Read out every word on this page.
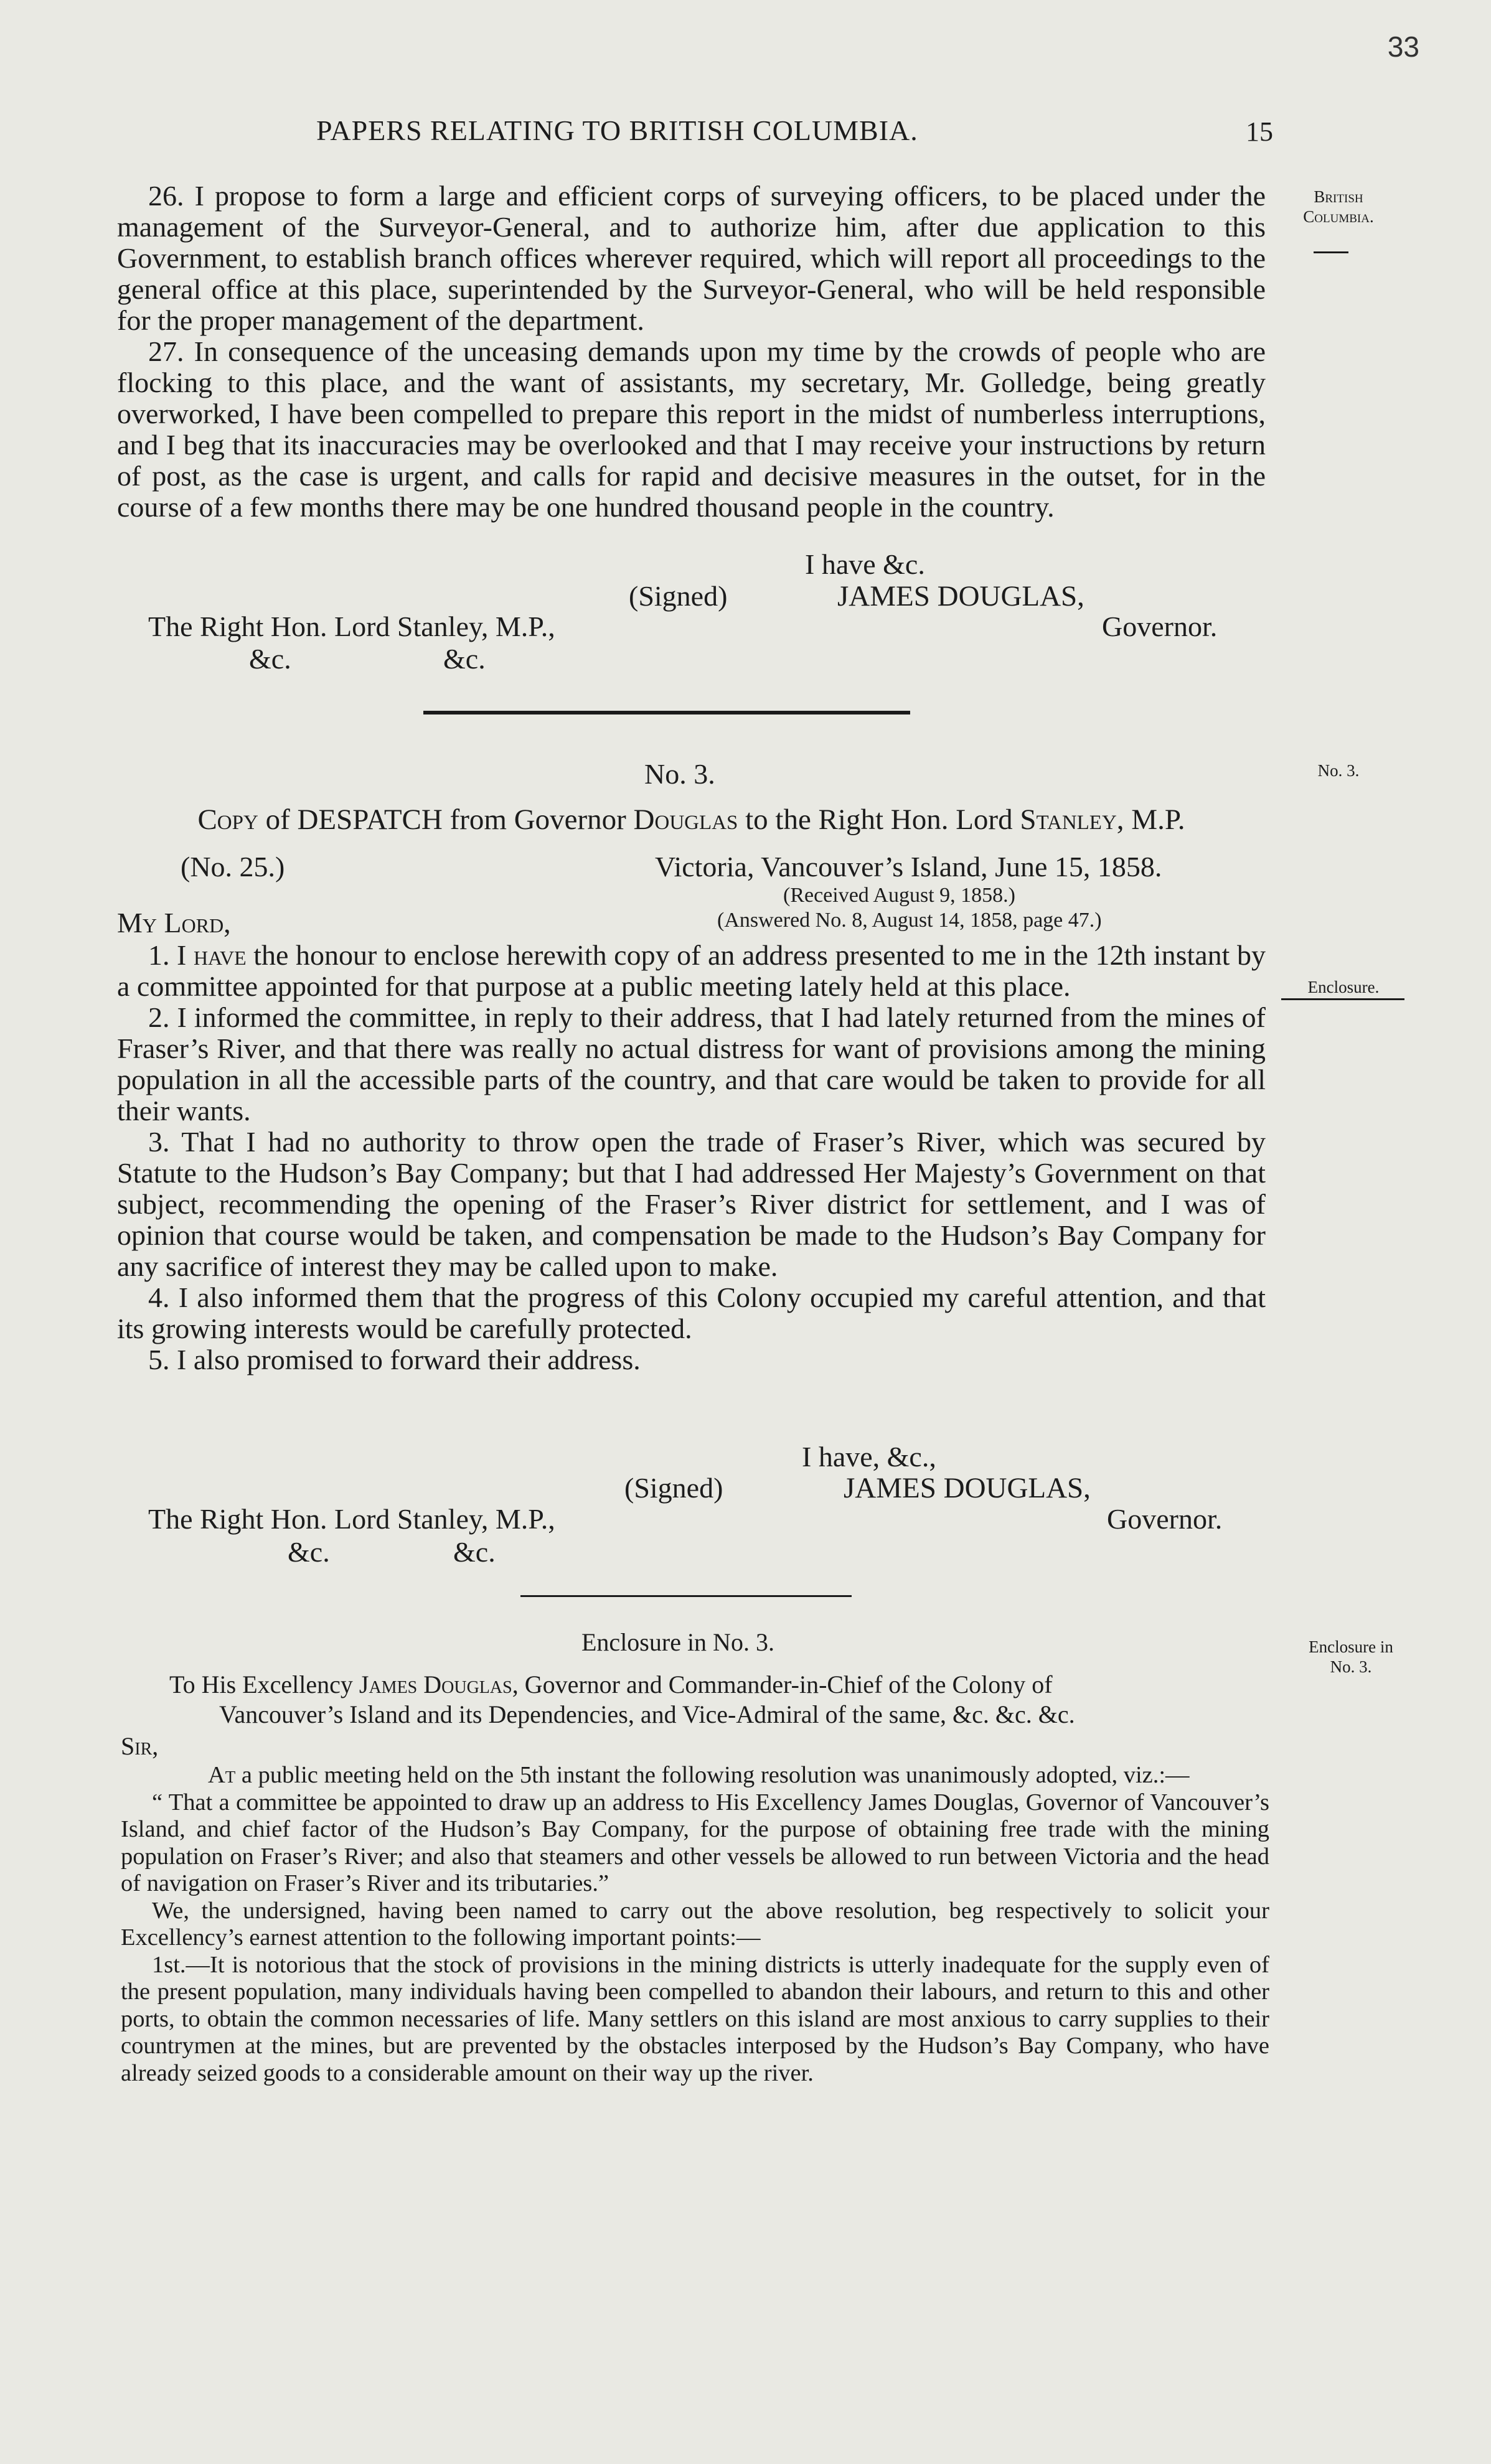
33
PAPERS RELATING TO BRITISH COLUMBIA.	15
British
Columbia.
No. 3.
Enclosure.
Enclosure in
No. 3.

26. I propose to form a large and efficient corps of surveying officers, to be placed under the management of the Surveyor-General, and to authorize him, after due application to this Government, to establish branch offices wherever required, which will report all proceedings to the general office at this place, superintended by the Surveyor-General, who will be held responsible for the proper management of the department.

27. In consequence of the unceasing demands upon my time by the crowds of people who are flocking to this place, and the want of assistants, my secretary, Mr. Golledge, being greatly overworked, I have been compelled to prepare this report in the midst of numberless interruptions, and I beg that its inaccuracies may be overlooked and that I may receive your instructions by return of post, as the case is urgent, and calls for rapid and decisive measures in the outset, for in the course of a few months there may be one hundred thousand people in the country.

I have &c.
(Signed)	JAMES DOUGLAS,
The Right Hon. Lord Stanley, M.P.,	Governor.
&c.	&c.
No. 3.
Copy of DESPATCH from Governor Douglas to the Right Hon. Lord Stanley, M.P.
(No. 25.)	Victoria, Vancouver’s Island, June 15, 1858.
(Received August 9, 1858.)
My Lord,	(Answered No. 8, August 14, 1858, page 47.)

1. I have the honour to enclose herewith copy of an address presented to me in the 12th instant by a committee appointed for that purpose at a public meeting lately held at this place.

2. I informed the committee, in reply to their address, that I had lately returned from the mines of Fraser’s River, and that there was really no actual distress for want of provisions among the mining population in all the accessible parts of the country, and that care would be taken to provide for all their wants.

3. That I had no authority to throw open the trade of Fraser’s River, which was secured by Statute to the Hudson’s Bay Company; but that I had addressed Her Majesty’s Government on that subject, recommending the opening of the Fraser’s River district for settlement, and I was of opinion that course would be taken, and compensation be made to the Hudson’s Bay Company for any sacrifice of interest they may be called upon to make.

4. I also informed them that the progress of this Colony occupied my careful attention, and that its growing interests would be carefully protected.

5. I also promised to forward their address.

I have, &c.,
(Signed)	JAMES DOUGLAS,
The Right Hon. Lord Stanley, M.P.,	Governor.
&c.	&c.
Enclosure in No. 3.
To His Excellency James Douglas, Governor and Commander-in-Chief of the Colony of
Vancouver’s Island and its Dependencies, and Vice-Admiral of the same, &c. &c. &c.
Sir,

At a public meeting held on the 5th instant the following resolution was unanimously adopted, viz.:—

“ That a committee be appointed to draw up an address to His Excellency James Douglas, Governor of Vancouver’s Island, and chief factor of the Hudson’s Bay Company, for the purpose of obtaining free trade with the mining population on Fraser’s River; and also that steamers and other vessels be allowed to run between Victoria and the head of navigation on Fraser’s River and its tributaries.”

We, the undersigned, having been named to carry out the above resolution, beg respectively to solicit your Excellency’s earnest attention to the following important points:—

1st.—It is notorious that the stock of provisions in the mining districts is utterly inadequate for the supply even of the present population, many individuals having been compelled to abandon their labours, and return to this and other ports, to obtain the common necessaries of life. Many settlers on this island are most anxious to carry supplies to their countrymen at the mines, but are prevented by the obstacles interposed by the Hudson’s Bay Company, who have already seized goods to a considerable amount on their way up the river.
